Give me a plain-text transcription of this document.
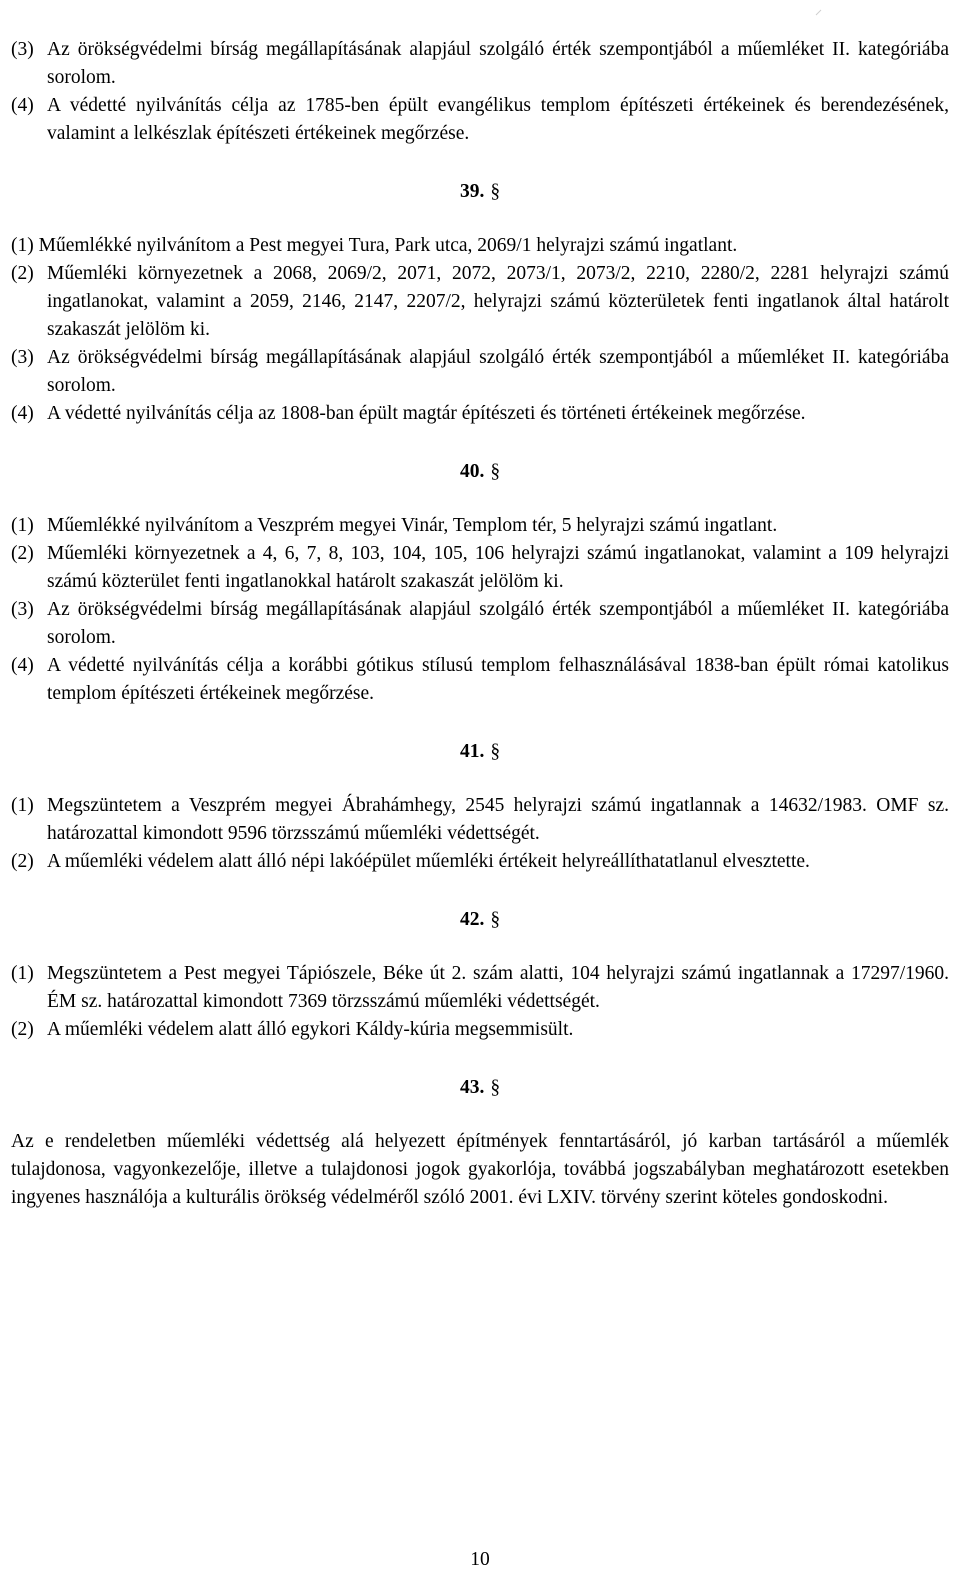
(3) Az örökségvédelmi bírság megállapításának alapjául szolgáló érték szempontjából a műemléket II. kategóriába sorolom.

(4) A védetté nyilvánítás célja az 1785-ben épült evangélikus templom építészeti értékeinek és berendezésének, valamint a lelkészlak építészeti értékeinek megőrzése.

39. §

(1) Műemlékké nyilvánítom a Pest megyei Tura, Park utca, 2069/1 helyrajzi számú ingatlant.

(2) Műemléki környezetnek a 2068, 2069/2, 2071, 2072, 2073/1, 2073/2, 2210, 2280/2, 2281 helyrajzi számú ingatlanokat, valamint a 2059, 2146, 2147, 2207/2, helyrajzi számú közterületek fenti ingatlanok által határolt szakaszát jelölöm ki.

(3) Az örökségvédelmi bírság megállapításának alapjául szolgáló érték szempontjából a műemléket II. kategóriába sorolom.

(4) A védetté nyilvánítás célja az 1808-ban épült magtár építészeti és történeti értékeinek megőrzése.

40. §

(1) Műemlékké nyilvánítom a Veszprém megyei Vinár, Templom tér, 5 helyrajzi számú ingatlant.

(2) Műemléki környezetnek a 4, 6, 7, 8, 103, 104, 105, 106 helyrajzi számú ingatlanokat, valamint a 109 helyrajzi számú közterület fenti ingatlanokkal határolt szakaszát jelölöm ki.

(3) Az örökségvédelmi bírság megállapításának alapjául szolgáló érték szempontjából a műemléket II. kategóriába sorolom.

(4) A védetté nyilvánítás célja a korábbi gótikus stílusú templom felhasználásával 1838-ban épült római katolikus templom építészeti értékeinek megőrzése.

41. §

(1) Megszüntetem a Veszprém megyei Ábrahámhegy, 2545 helyrajzi számú ingatlannak a 14632/1983. OMF sz. határozattal kimondott 9596 törzsszámú műemléki védettségét.

(2) A műemléki védelem alatt álló népi lakóépület műemléki értékeit helyreállíthatatlanul elvesztette.

42. §

(1) Megszüntetem a Pest megyei Tápiószele, Béke út 2. szám alatti, 104 helyrajzi számú ingatlannak a 17297/1960. ÉM sz. határozattal kimondott 7369 törzsszámú műemléki védettségét.

(2) A műemléki védelem alatt álló egykori Káldy-kúria megsemmisült.

43. §

Az e rendeletben műemléki védettség alá helyezett építmények fenntartásáról, jó karban tartásáról a műemlék tulajdonosa, vagyonkezelője, illetve a tulajdonosi jogok gyakorlója, továbbá jogszabályban meghatározott esetekben ingyenes használója a kulturális örökség védelméről szóló 2001. évi LXIV. törvény szerint köteles gondoskodni.

10
